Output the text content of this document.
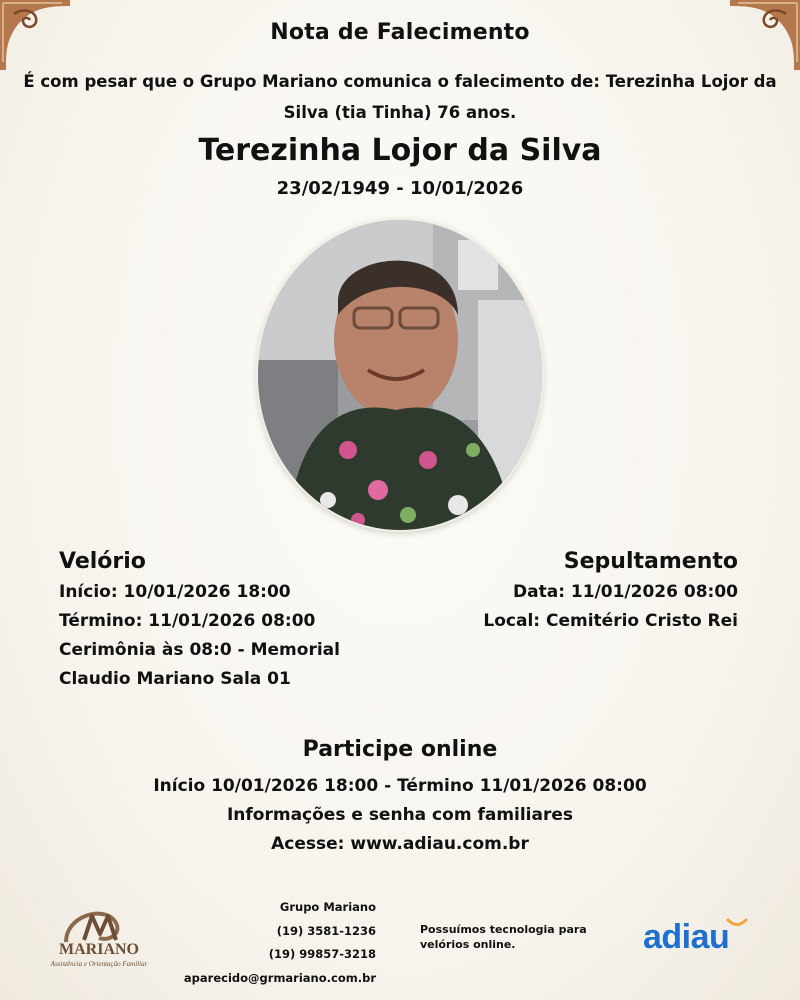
Nota de Falecimento
É com pesar que o Grupo Mariano comunica o falecimento de: Terezinha Lojor da Silva (tia Tinha) 76 anos.
Terezinha Lojor da Silva
23/02/1949 - 10/01/2026
Velório
Início: 10/01/2026 18:00
Término: 11/01/2026 08:00
Cerimônia às 08:0 - Memorial
Claudio Mariano Sala 01
Sepultamento
Data: 11/01/2026 08:00
Local: Cemitério Cristo Rei
Participe online
Início 10/01/2026 18:00 - Término 11/01/2026 08:00
Informações e senha com familiares
Acesse: www.adiau.com.br
MARIANO
Assistência e Orientação Familiar
Grupo Mariano
(19) 3581-1236
(19) 99857-3218
aparecido@grmariano.com.br
Possuímos tecnologia para velórios online.	adiau
